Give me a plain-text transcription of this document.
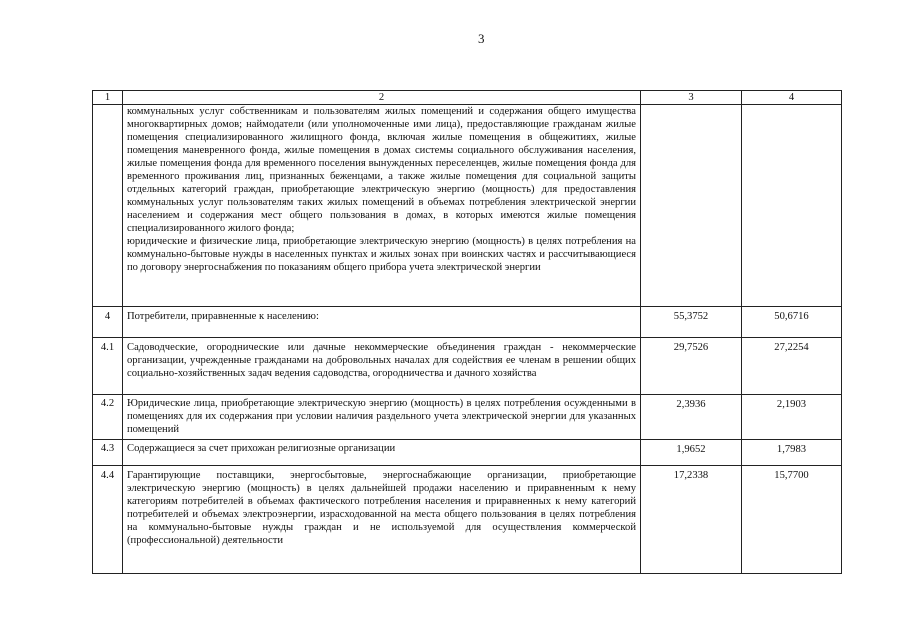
3
1	2	3	4

	коммунальных услуг собственникам и пользователям жилых помещений и содержания общего имущества многоквартирных домов; наймодатели (или уполномоченные ими лица), предоставляющие гражданам жилые помещения специализированного жилищного фонда, включая жилые помещения в общежитиях, жилые помещения маневренного фонда, жилые помещения в домах системы социального обслуживания населения, жилые помещения фонда для временного поселения вынужденных переселенцев, жилые помещения фонда для временного проживания лиц, признанных беженцами, а также жилые помещения для социальной защиты отдельных категорий граждан, приобретающие электрическую энергию (мощность) для предоставления коммунальных услуг пользователям таких жилых помещений в объемах потребления электрической энергии населением и содержания мест общего пользования в домах, в которых имеются жилые помещения специализированного жилого фонда;

юридические и физические лица, приобретающие электрическую энергию (мощность) в целях потребления на коммунально-бытовые нужды в населенных пунктах и жилых зонах при воинских частях и рассчитывающиеся по договору энергоснабжения по показаниям общего прибора учета электрической энергии		

4	Потребители, приравненные к населению:	55,3752	50,6716
4.1	Садоводческие, огороднические или дачные некоммерческие объединения граждан - некоммерческие организации, учрежденные гражданами на добровольных началах для содействия ее членам в решении общих социально-хозяйственных задач ведения садоводства, огородничества и дачного хозяйства	29,7526	27,2254
4.2	Юридические лица, приобретающие электрическую энергию (мощность) в целях потребления осужденными в помещениях для их содержания при условии наличия раздельного учета электрической энергии для указанных помещений	2,3936	2,1903
4.3	Содержащиеся за счет прихожан религиозные организации	1,9652	1,7983
4.4	Гарантирующие поставщики, энергосбытовые, энергоснабжающие организации, приобретающие электрическую энергию (мощность) в целях дальнейшей продажи населению и приравненным к нему категориям потребителей в объемах фактического потребления населения и приравненных к нему категорий потребителей и объемах электроэнергии, израсходованной на места общего пользования в целях потребления на коммунально-бытовые нужды граждан и не используемой для осуществления коммерческой (профессиональной) деятельности	17,2338	15,7700
